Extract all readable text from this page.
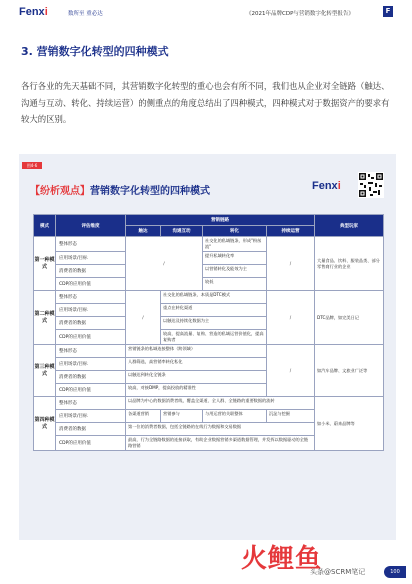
Fenxi	数所至 重必达	《2021年品牌CDP与营销数字化转型报告》	F
3. 营销数字化转型的四种模式
各行各业的先天基础不同，其营销数字化转型的重心也会有所不同，我们也从企业对全链路（触达、沟通与互动、转化、持续运营）的侧重点的角度总结出了四种模式，四种模式对于数据资产的要求有较大的区别。
图4-6
【纷析观点】营销数字化转型的四种模式	Fenxi
模式	评估维度	营销链路				典型玩家
		触达	沟通互动	转化	持续运营	
第一种模式	整体形态	/		社交化的私域链条，形成"粉丝流"	/	大量食品、饮料、服装品类、部分零售商行业的企业
	应用场景/目标			提升私域转化率		
	消费者的数据			以营销转化及能效为主		
	CDP的应用价值			较低		
第二种模式	整体形态	/	社交化的私域链条，本质是DTC模式		/	DTC品牌，如完美日记
	应用场景/目标		重点在转化渠道			
	消费者的数据		以触达及持续化数据为主			
	CDP的应用价值		较高，提高流量、复购、营造的私域运营价值化，提高复购者			
第三种模式	整体形态	营销链条的私域连接整体（跨领域）			/	如汽车品牌、文旅业广泛等
	应用场景/目标	人群筛选，高营销率转化私化				
	消费者的数据	以触达到转化全链条				
	CDP的应用价值	较高，对接DMP，提高投放的精准性				
第四种模式	整体形态	以品牌为中心的数据消费者线，覆盖全渠道、全人群、全链路的重要数据的流转				如小米、蔚来品牌等
	应用场景/目标	各渠道营销	营销参与	与用运营的关联整体	沉淀与挖掘	
	消费者的数据	第一位的消费者数据，包括全链路的在线行为数据和交易数据				
	CDP的应用价值	最高，行为全链路数据的连接获取，有助企业数据营销多渠道数据管理，并发挥以数据驱动的全链路营销				
火鲤鱼
头条@SCRM笔记	100
